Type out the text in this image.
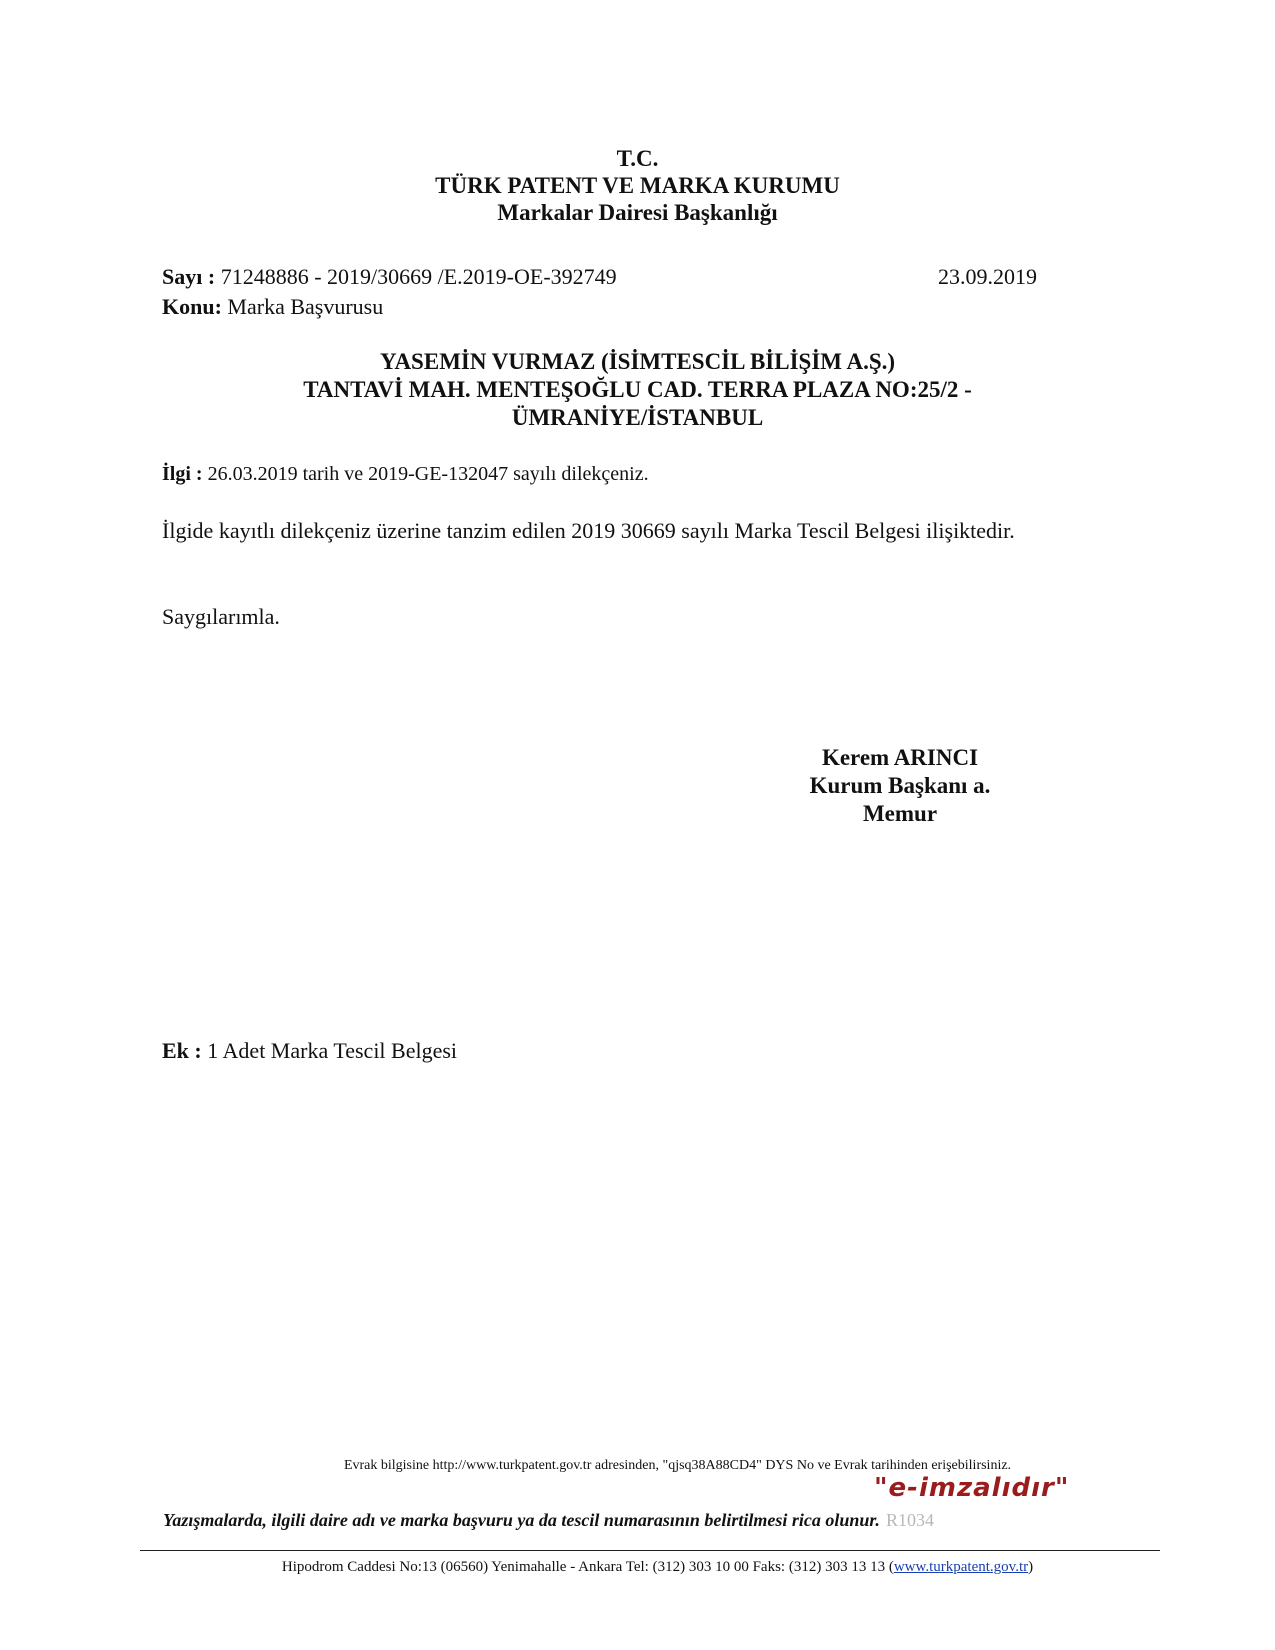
T.C.
TÜRK PATENT VE MARKA KURUMU
Markalar Dairesi Başkanlığı
Sayı : 71248886 - 2019/30669 /E.2019-OE-392749
Konu: Marka Başvurusu
23.09.2019
YASEMİN VURMAZ (İSİMTESCİL BİLİŞİM A.Ş.)
TANTAVİ MAH. MENTEŞOĞLU CAD. TERRA PLAZA NO:25/2 -
ÜMRANİYE/İSTANBUL
İlgi : 26.03.2019 tarih ve 2019-GE-132047 sayılı dilekçeniz.
İlgide kayıtlı dilekçeniz üzerine tanzim edilen 2019 30669 sayılı Marka Tescil Belgesi ilişiktedir.
Saygılarımla.
Kerem ARINCI
Kurum Başkanı a.
Memur
Ek : 1 Adet Marka Tescil Belgesi
Evrak bilgisine http://www.turkpatent.gov.tr adresinden, "qjsq38A88CD4" DYS No ve Evrak tarihinden erişebilirsiniz.
"e-imzalıdır"
Yazışmalarda, ilgili daire adı ve marka başvuru ya da tescil numarasının belirtilmesi rica olunur. R1034
Hipodrom Caddesi No:13 (06560) Yenimahalle - Ankara Tel: (312) 303 10 00 Faks: (312) 303 13 13 (www.turkpatent.gov.tr)
